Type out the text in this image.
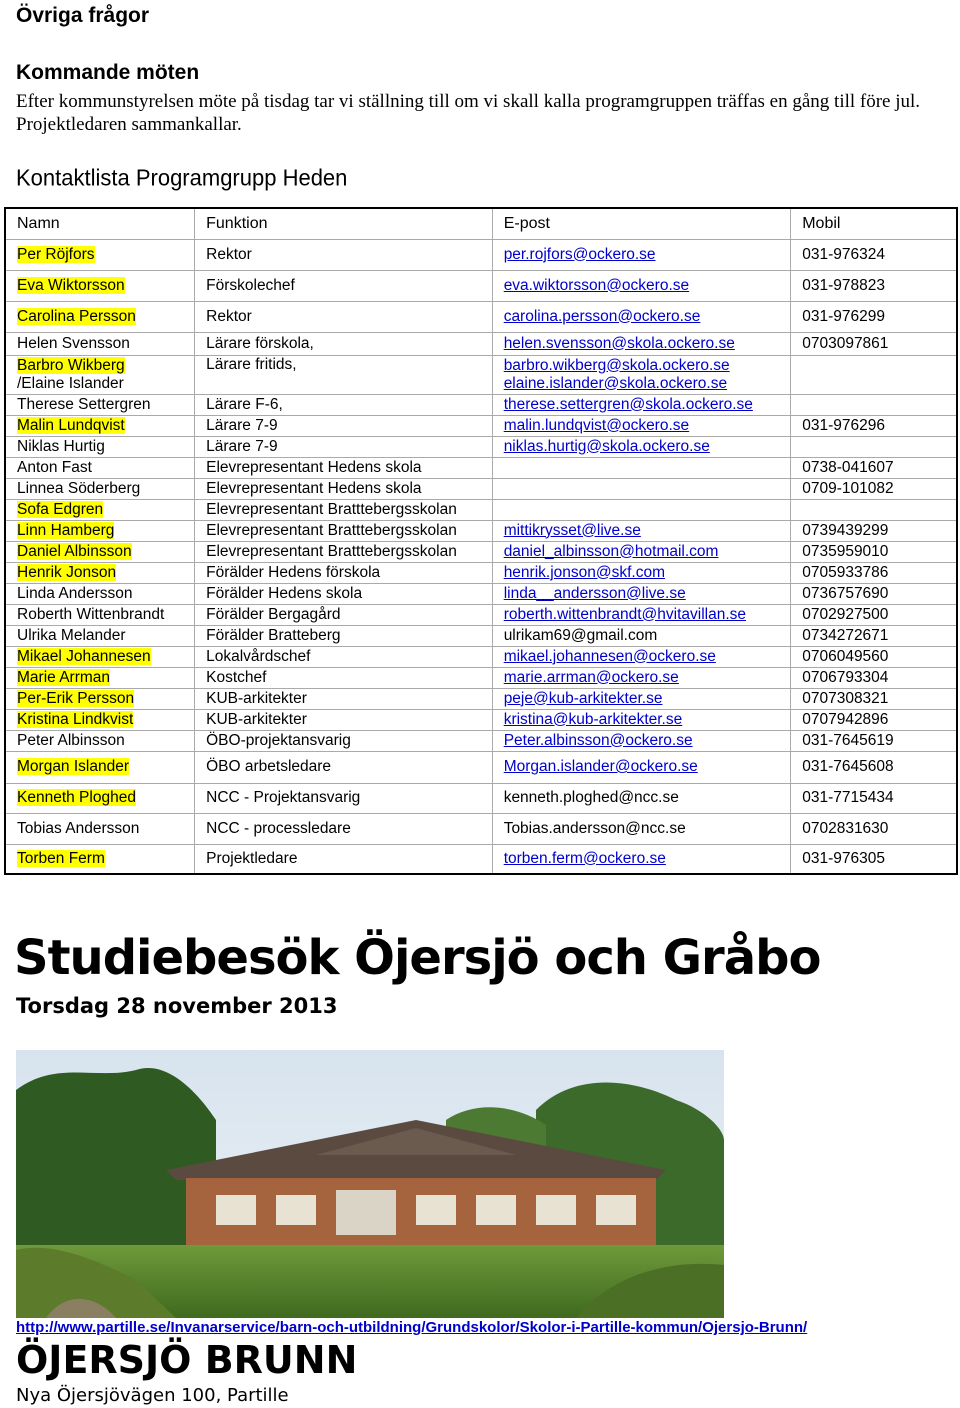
Övriga frågor
Kommande möten
Efter kommunstyrelsen möte på tisdag tar vi ställning till om vi skall kalla programgruppen träffas en gång till före jul. Projektledaren sammankallar.
Kontaktlista Programgrupp Heden
Namn	Funktion	E-post	Mobil

Per Röjfors	Rektor	per.rojfors@ockero.se	031-976324

Eva Wiktorsson	Förskolechef	eva.wiktorsson@ockero.se	031-978823

Carolina Persson	Rektor	carolina.persson@ockero.se	031-976299

Helen Svensson	Lärare förskola,	helen.svensson@skola.ockero.se	0703097861

Barbro Wikberg
/Elaine Islander	Lärare fritids,	barbro.wikberg@skola.ockero.se
elaine.islander@skola.ockero.se	

Therese Settergren	Lärare F-6,	therese.settergren@skola.ockero.se	

Malin Lundqvist	Lärare 7-9	malin.lundqvist@ockero.se	031-976296

Niklas Hurtig	Lärare 7-9	niklas.hurtig@skola.ockero.se	

Anton Fast	Elevrepresentant Hedens skola		0738-041607

Linnea Söderberg	Elevrepresentant Hedens skola		0709-101082

Sofa Edgren	Elevrepresentant Bratttebergsskolan	

Linn Hamberg	Elevrepresentant Bratttebergsskolan	mittikrysset@live.se	0739439299

Daniel Albinsson	Elevrepresentant Bratttebergsskolan	daniel_albinsson@hotmail.com	0735959010

Henrik Jonson	Förälder Hedens förskola	henrik.jonson@skf.com	0705933786

Linda Andersson	Förälder Hedens skola	linda__andersson@live.se	0736757690

Roberth Wittenbrandt	Förälder Bergagård	roberth.wittenbrandt@hvitavillan.se	0702927500

Ulrika Melander	Förälder Bratteberg	ulrikam69@gmail.com	0734272671

Mikael Johannesen	Lokalvårdschef	mikael.johannesen@ockero.se	0706049560

Marie Arrman	Kostchef	marie.arrman@ockero.se	0706793304

Per-Erik Persson	KUB-arkitekter	peje@kub-arkitekter.se	0707308321

Kristina Lindkvist	KUB-arkitekter	kristina@kub-arkitekter.se	0707942896

Peter Albinsson	ÖBO-projektansvarig	Peter.albinsson@ockero.se	031-7645619

Morgan Islander	ÖBO arbetsledare	Morgan.islander@ockero.se	031-7645608

Kenneth Ploghed	NCC - Projektansvarig	kenneth.ploghed@ncc.se	031-7715434

Tobias Andersson	NCC - processledare	Tobias.andersson@ncc.se	0702831630

Torben Ferm	Projektledare	torben.ferm@ockero.se	031-976305
Studiebesök Öjersjö och Gråbo
Torsdag 28 november 2013
http://www.partille.se/Invanarservice/barn-och-utbildning/Grundskolor/Skolor-i-Partille-kommun/Ojersjo-Brunn/
ÖJERSJÖ BRUNN
Nya Öjersjövägen 100, Partille
